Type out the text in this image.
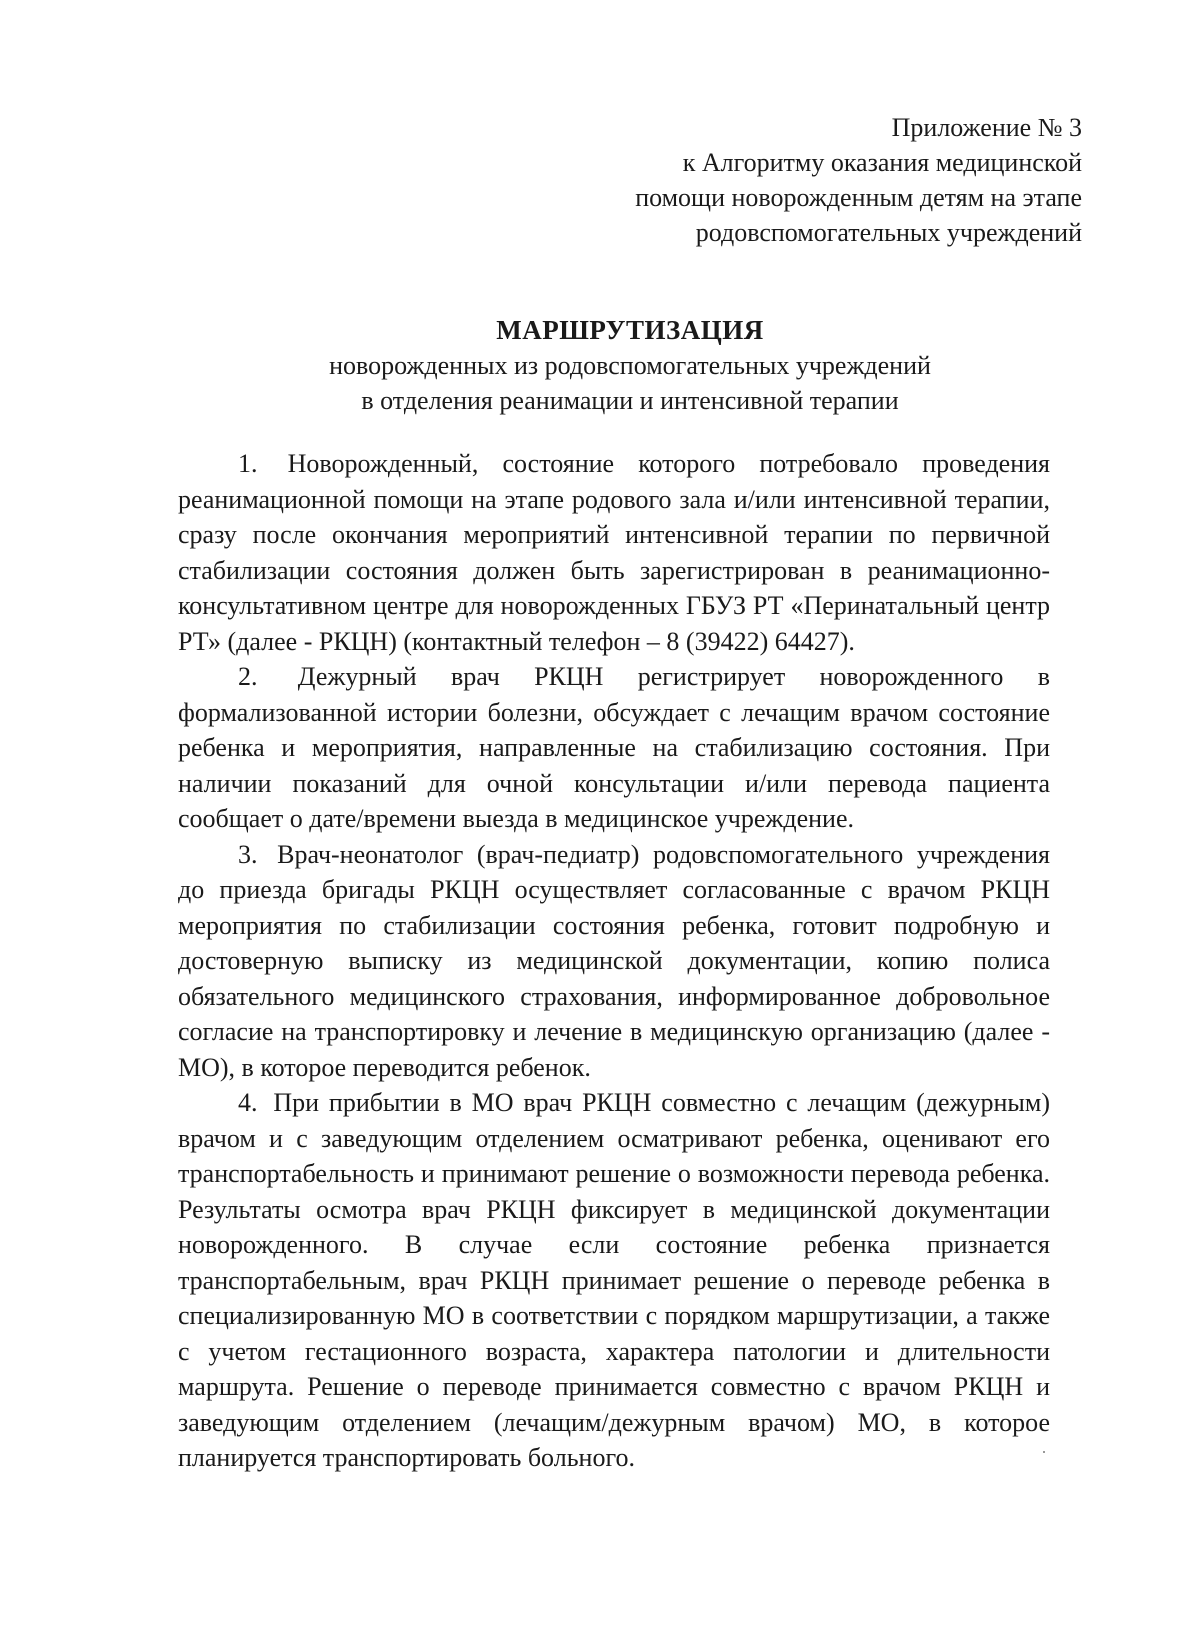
Приложение № 3
к Алгоритму оказания медицинской
помощи новорожденным детям на этапе
родовспомогательных учреждений
МАРШРУТИЗАЦИЯ
новорожденных из родовспомогательных учреждений
в отделения реанимации и интенсивной терапии

1. Новорожденный, состояние которого потребовало проведения реанимационной помощи на этапе родового зала и/или интенсивной терапии, сразу после окончания мероприятий интенсивной терапии по первичной стабилизации состояния должен быть зарегистрирован в реанимационно-консультативном центре для новорожденных ГБУЗ РТ «Перинатальный центр РТ» (далее - РКЦН) (контактный телефон – 8 (39422) 64427).

2. Дежурный врач РКЦН регистрирует новорожденного в формализованной истории болезни, обсуждает с лечащим врачом состояние ребенка и мероприятия, направленные на стабилизацию состояния. При наличии показаний для очной консультации и/или перевода пациента сообщает о дате/времени выезда в медицинское учреждение.

3. Врач-неонатолог (врач-педиатр) родовспомогательного учреждения до приезда бригады РКЦН осуществляет согласованные с врачом РКЦН мероприятия по стабилизации состояния ребенка, готовит подробную и достоверную выписку из медицинской документации, копию полиса обязательного медицинского страхования, информированное добровольное согласие на транспортировку и лечение в медицинскую организацию (далее - МО), в которое переводится ребенок.

4. При прибытии в МО врач РКЦН совместно с лечащим (дежурным) врачом и с заведующим отделением осматривают ребенка, оценивают его транспортабельность и принимают решение о возможности перевода ребенка. Результаты осмотра врач РКЦН фиксирует в медицинской документации новорожденного. В случае если состояние ребенка признается транспортабельным, врач РКЦН принимает решение о переводе ребенка в специализированную МО в соответствии с порядком маршрутизации, а также с учетом гестационного возраста, характера патологии и длительности маршрута. Решение о переводе принимается совместно с врачом РКЦН и заведующим отделением (лечащим/дежурным врачом) МО, в которое планируется транспортировать больного.
